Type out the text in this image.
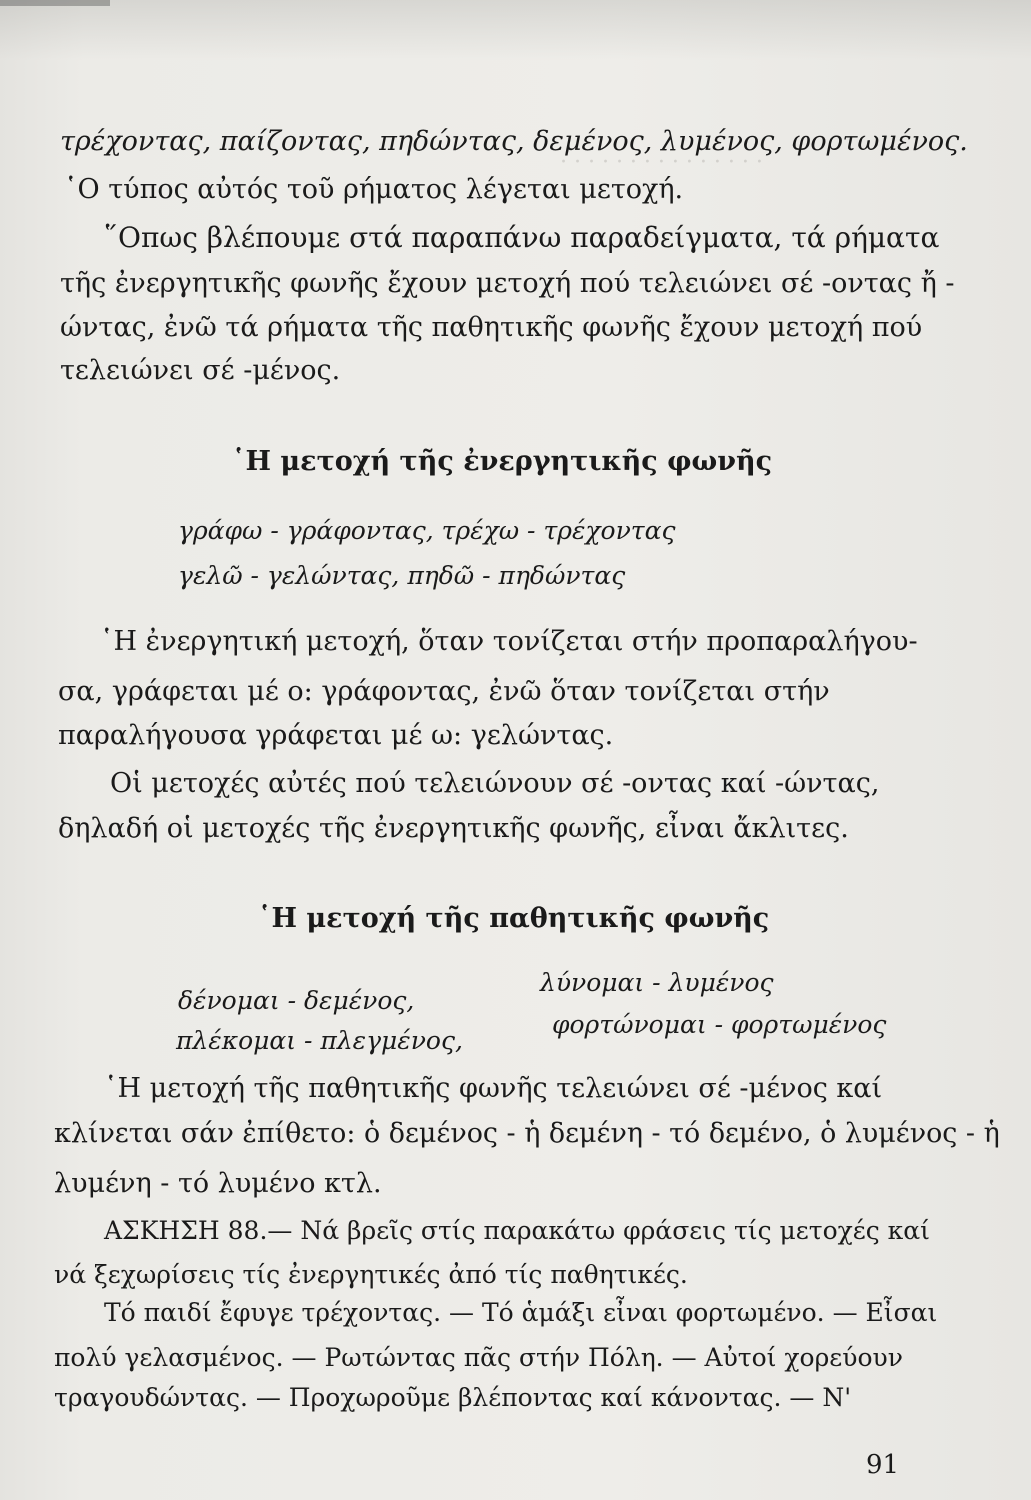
· · · · · · · · · · · · · · ·
τρέχοντας, παίζοντας, πηδώντας, δεμένος, λυμένος, φορτωμένος.
῾Ο τύπος αὐτός τοῦ ρήματος λέγεται μετοχή.
῞Οπως βλέπουμε στά παραπάνω παραδείγματα, τά ρήματα
τῆς ἐνεργητικῆς φωνῆς ἔχουν μετοχή πού τελειώνει σέ -οντας ἤ -
ώντας, ἐνῶ τά ρήματα τῆς παθητικῆς φωνῆς ἔχουν μετοχή πού
τελειώνει σέ -μένος.
῾Η μετοχή τῆς ἐνεργητικῆς φωνῆς
γράφω - γράφοντας, τρέχω - τρέχοντας
γελῶ - γελώντας, πηδῶ - πηδώντας
῾Η ἐνεργητική μετοχή, ὅταν τονίζεται στήν προπαραλήγου-
σα, γράφεται μέ ο: γράφοντας, ἐνῶ ὅταν τονίζεται στήν
παραλήγουσα γράφεται μέ ω: γελώντας.
Οἱ μετοχές αὐτές πού τελειώνουν σέ -οντας καί -ώντας,
δηλαδή οἱ μετοχές τῆς ἐνεργητικῆς φωνῆς, εἶναι ἄκλιτες.
῾Η μετοχή τῆς παθητικῆς φωνῆς
λύνομαι - λυμένος
δένομαι - δεμένος,
φορτώνομαι - φορτωμένος
πλέκομαι - πλεγμένος,
῾Η μετοχή τῆς παθητικῆς φωνῆς τελειώνει σέ -μένος καί
κλίνεται σάν ἐπίθετο: ὁ δεμένος - ἡ δεμένη - τό δεμένο, ὁ λυμένος - ἡ
λυμένη - τό λυμένο κτλ.
ΑΣΚΗΣΗ 88.— Νά βρεῖς στίς παρακάτω φράσεις τίς μετοχές καί
νά ξεχωρίσεις τίς ἐνεργητικές ἀπό τίς παθητικές.
Τό παιδί ἔφυγε τρέχοντας. — Τό ἁμάξι εἶναι φορτωμένο. — Εἶσαι
πολύ γελασμένος. — Ρωτώντας πᾶς στήν Πόλη. — Αὐτοί χορεύουν
τραγουδώντας. — Προχωροῦμε βλέποντας καί κάνοντας. — Ν'
91
